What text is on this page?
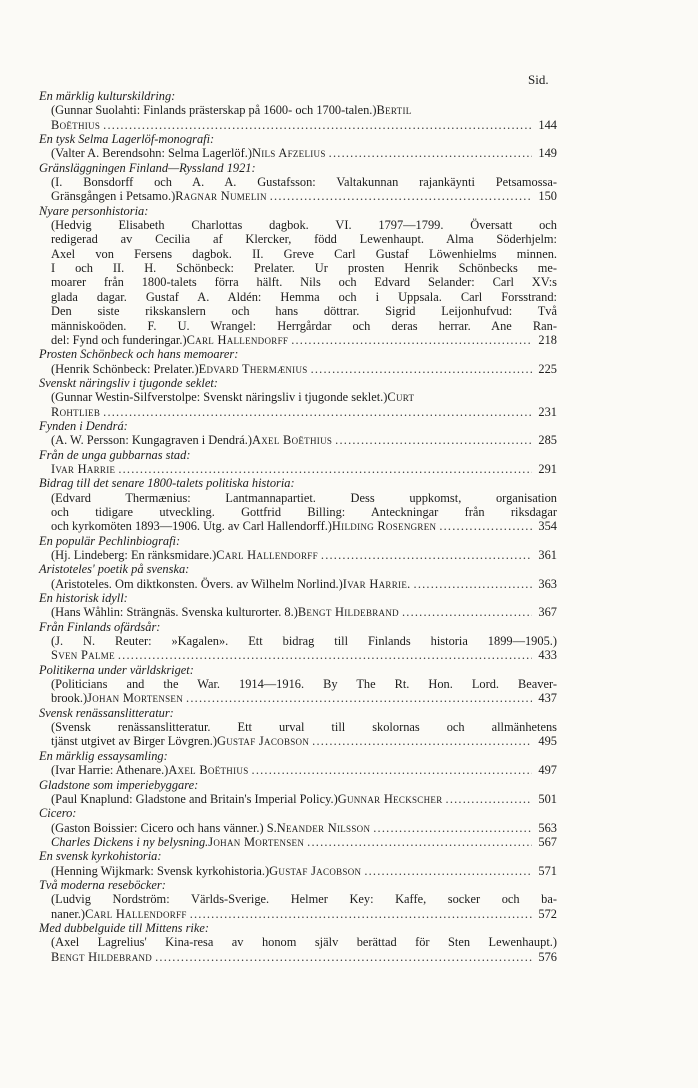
Sid.
En märklig kulturskildring:
(Gunnar Suolahti: Finlands prästerskap på 1600- och 1700-talen.) Bertil
Boëthius .....	144
En tysk Selma Lagerlöf-monografi:
(Valter A. Berendsohn: Selma Lagerlöf.) Nils Afzelius .....	149
Gränsläggningen Finland—Ryssland 1921:
(I. Bonsdorff och A. A. Gustafsson: Valtakunnan rajankäynti Petsamossa-
Gränsgången i Petsamo.) Ragnar Numelin .....	150
Nyare personhistoria:
(Hedvig Elisabeth Charlottas dagbok. VI. 1797—1799. Översatt och
redigerad av Cecilia af Klercker, född Lewenhaupt. Alma Söderhjelm:
Axel von Fersens dagbok. II. Greve Carl Gustaf Löwenhielms minnen.
I och II. H. Schönbeck: Prelater. Ur prosten Henrik Schönbecks me-
moarer från 1800-talets förra hälft. Nils och Edvard Selander: Carl XV:s
glada dagar. Gustaf A. Aldén: Hemma och i Uppsala. Carl Forsstrand:
Den siste rikskanslern och hans döttrar. Sigrid Leijonhufvud: Två
människoöden. F. U. Wrangel: Herrgårdar och deras herrar. Ane Ran-
del: Fynd och funderingar.) Carl Hallendorff .....	218
Prosten Schönbeck och hans memoarer:
(Henrik Schönbeck: Prelater.) Edvard Thermænius .....	225
Svenskt näringsliv i tjugonde seklet:
(Gunnar Westin-Silfverstolpe: Svenskt näringsliv i tjugonde seklet.) Curt
Rohtlieb .....	231
Fynden i Dendrá:
(A. W. Persson: Kungagraven i Dendrá.) Axel Boëthius .....	285
Från de unga gubbarnas stad:
Ivar Harrie .....	291
Bidrag till det senare 1800-talets politiska historia:
(Edvard Thermænius: Lantmannapartiet. Dess uppkomst, organisation
och tidigare utveckling. Gottfrid Billing: Anteckningar från riksdagar
och kyrkomöten 1893—1906. Utg. av Carl Hallendorff.) Hilding Rosengren .....	354
En populär Pechlinbiografi:
(Hj. Lindeberg: En ränksmidare.) Carl Hallendorff .....	361
Aristoteles' poetik på svenska:
(Aristoteles. Om diktkonsten. Övers. av Wilhelm Norlind.) Ivar Harrie. .....	363
En historisk idyll:
(Hans Wåhlin: Strängnäs. Svenska kulturorter. 8.) Bengt Hildebrand .....	367
Från Finlands ofärdsår:
(J. N. Reuter: »Kagalen». Ett bidrag till Finlands historia 1899—1905.)
Sven Palme .....	433
Politikerna under världskriget:
(Politicians and the War. 1914—1916. By The Rt. Hon. Lord. Beaver-
brook.) Johan Mortensen .....	437
Svensk renässanslitteratur:
(Svensk renässanslitteratur. Ett urval till skolornas och allmänhetens
tjänst utgivet av Birger Lövgren.) Gustaf Jacobson .....	495
En märklig essaysamling:
(Ivar Harrie: Athenare.) Axel Boëthius .....	497
Gladstone som imperiebyggare:
(Paul Knaplund: Gladstone and Britain's Imperial Policy.) Gunnar Heckscher .....	501
Cicero:
(Gaston Boissier: Cicero och hans vänner.) S. Neander Nilsson .....	563
Charles Dickens i ny belysning. Johan Mortensen .....	567
En svensk kyrkohistoria:
(Henning Wijkmark: Svensk kyrkohistoria.) Gustaf Jacobson .....	571
Två moderna reseböcker:
(Ludvig Nordström: Världs-Sverige. Helmer Key: Kaffe, socker och ba-
naner.) Carl Hallendorff .....	572
Med dubbelguide till Mittens rike:
(Axel Lagrelius' Kina-resa av honom själv berättad för Sten Lewenhaupt.)
Bengt Hildebrand .....	576
